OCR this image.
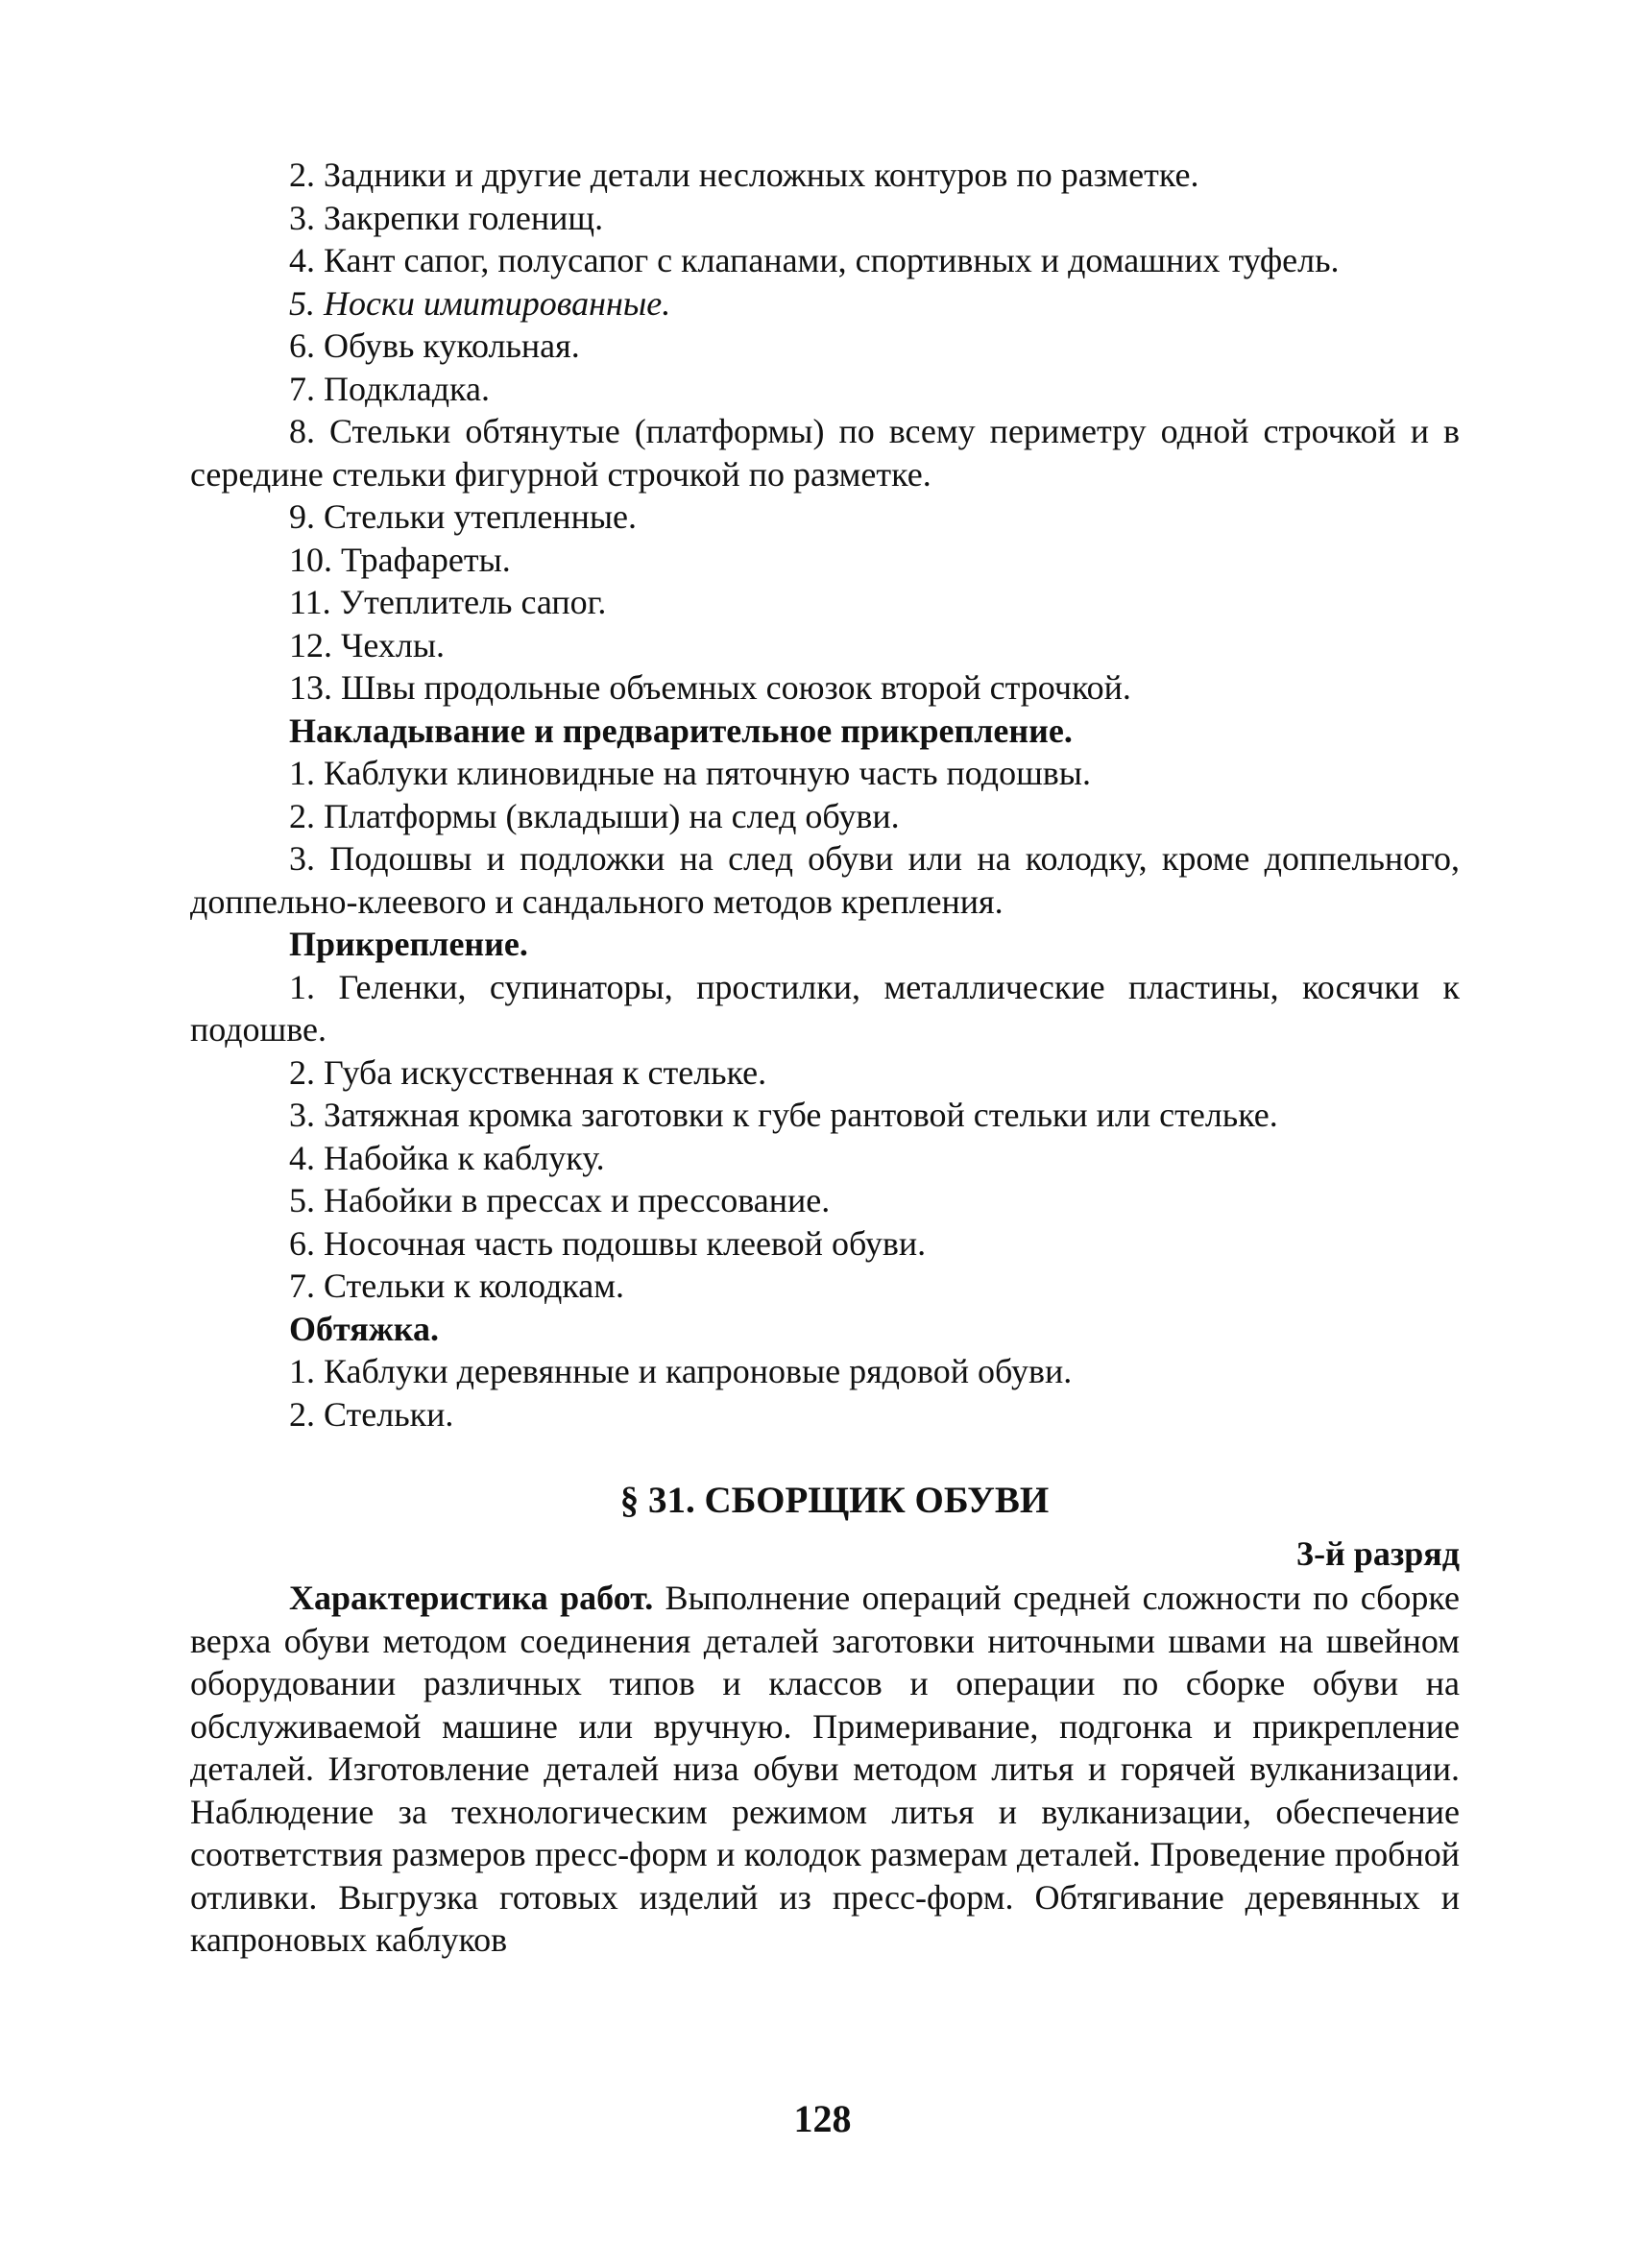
2. Задники и другие детали несложных контуров по разметке.

3. Закрепки голенищ.

4. Кант сапог, полусапог с клапанами, спортивных и домашних туфель.

5. Носки имитированные.

6. Обувь кукольная.

7. Подкладка.

8. Стельки обтянутые (платформы) по всему периметру одной строчкой и в середине стельки фигурной строчкой по разметке.

9. Стельки утепленные.

10. Трафареты.

11. Утеплитель сапог.

12. Чехлы.

13. Швы продольные объемных союзок второй строчкой.

Накладывание и предварительное прикрепление.

1. Каблуки клиновидные на пяточную часть подошвы.

2. Платформы (вкладыши) на след обуви.

3. Подошвы и подложки на след обуви или на колодку, кроме доппельного, доппельно-клеевого и сандального методов крепления.

Прикрепление.

1. Геленки, супинаторы, простилки, металлические пластины, косячки к подошве.

2. Губа искусственная к стельке.

3. Затяжная кромка заготовки к губе рантовой стельки или стельке.

4. Набойка к каблуку.

5. Набойки в прессах и прессование.

6. Носочная часть подошвы клеевой обуви.

7. Стельки к колодкам.

Обтяжка.

1. Каблуки деревянные и капроновые рядовой обуви.

2. Стельки.

§ 31. СБОРЩИК ОБУВИ

3-й разряд

Характеристика работ. Выполнение операций средней сложности по сборке верха обуви методом соединения деталей заготовки ниточными швами на швейном оборудовании различных типов и классов и операции по сборке обуви на обслуживаемой машине или вручную. Примеривание, подгонка и прикрепление деталей. Изготовление деталей низа обуви методом литья и горячей вулканизации. Наблюдение за технологическим режимом литья и вулканизации, обеспечение соответствия размеров пресс-форм и колодок размерам деталей. Проведение пробной отливки. Выгрузка готовых изделий из пресс-форм. Обтягивание деревянных и капроновых каблуков

128
